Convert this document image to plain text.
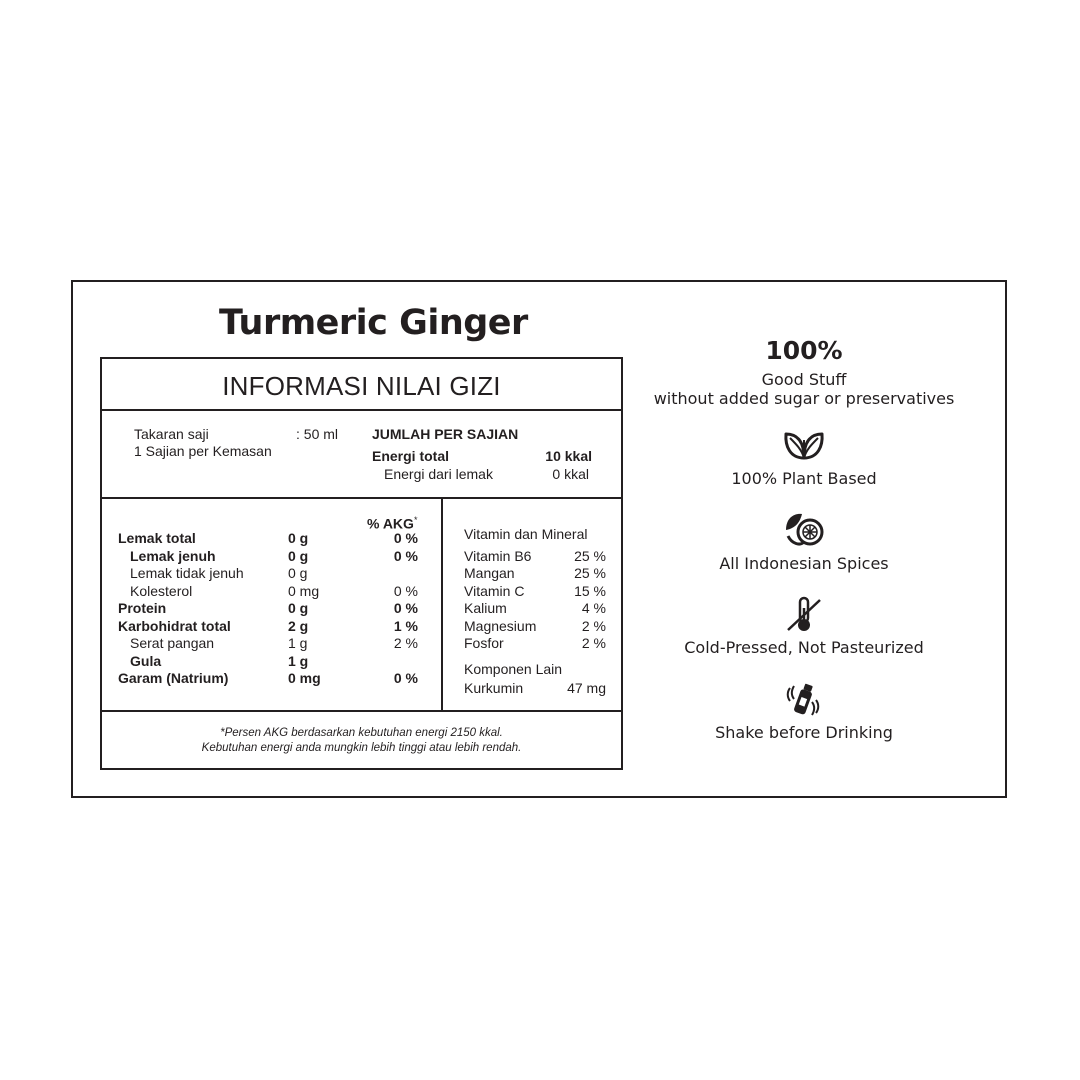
Turmeric Ginger
INFORMASI NILAI GIZI
Takaran saji	: 50 ml
1 Sajian per Kemasan
JUMLAH PER SAJIAN
Energi total	10 kkal
Energi dari lemak	0 kkal
% AKG*
Lemak total	0 g	0 %
Lemak jenuh	0 g	0 %
Lemak tidak jenuh	0 g
Kolesterol	0 mg	0 %
Protein	0 g	0 %
Karbohidrat total	2 g	1 %
Serat pangan	1 g	2 %
Gula	1 g
Garam (Natrium)	0 mg	0 %
Vitamin dan Mineral
Vitamin B6	25 %
Mangan	25 %
Vitamin C	15 %
Kalium	4 %
Magnesium	2 %
Fosfor	2 %
Komponen Lain
Kurkumin	47 mg
*Persen AKG berdasarkan kebutuhan energi 2150 kkal.
Kebutuhan energi anda mungkin lebih tinggi atau lebih rendah.
100%
Good Stuff
without added sugar or preservatives
100% Plant Based
All Indonesian Spices
Cold-Pressed, Not Pasteurized
Shake before Drinking
